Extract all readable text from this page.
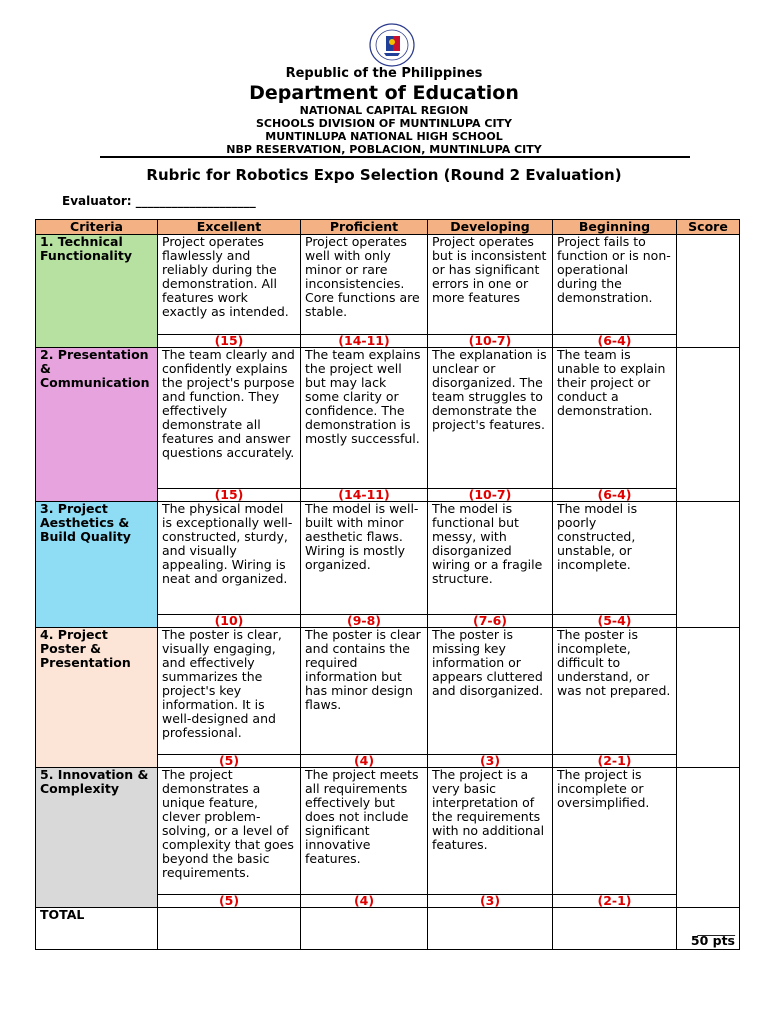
Republic of the Philippines
Department of Education
NATIONAL CAPITAL REGION
SCHOOLS DIVISION OF MUNTINLUPA CITY
MUNTINLUPA NATIONAL HIGH SCHOOL
NBP RESERVATION, POBLACION, MUNTINLUPA CITY
Rubric for Robotics Expo Selection (Round 2 Evaluation)
Evaluator: ____________________
Criteria	Excellent	Proficient	Developing	Beginning	Score
1. Technical Functionality	Project operates flawlessly and reliably during the demonstration. All features work exactly as intended.	Project operates well with only minor or rare inconsistencies. Core functions are stable.	Project operates but is inconsistent or has significant errors in one or more features	Project fails to function or is non-operational during the demonstration.	
	(15)	(14-11)	(10-7)	(6-4)	
2. Presentation & Communication	The team clearly and confidently explains the project's purpose and function. They effectively demonstrate all features and answer questions accurately.	The team explains the project well but may lack some clarity or confidence. The demonstration is mostly successful.	The explanation is unclear or disorganized. The team struggles to demonstrate the project's features.	The team is unable to explain their project or conduct a demonstration.	
	(15)	(14-11)	(10-7)	(6-4)	
3. Project Aesthetics & Build Quality	The physical model is exceptionally well-constructed, sturdy, and visually appealing. Wiring is neat and organized.	The model is well-built with minor aesthetic flaws. Wiring is mostly organized.	The model is functional but messy, with disorganized wiring or a fragile structure.	The model is poorly constructed, unstable, or incomplete.	
	(10)	(9-8)	(7-6)	(5-4)	
4. Project Poster & Presentation	The poster is clear, visually engaging, and effectively summarizes the project's key information. It is well-designed and professional.	The poster is clear and contains the required information but has minor design flaws.	The poster is missing key information or appears cluttered and disorganized.	The poster is incomplete, difficult to understand, or was not prepared.	
	(5)	(4)	(3)	(2-1)	
5. Innovation & Complexity	The project demonstrates a unique feature, clever problem-solving, or a level of complexity that goes beyond the basic requirements.	The project meets all requirements effectively but does not include significant innovative features.	The project is a very basic interpretation of the requirements with no additional features.	The project is incomplete or oversimplified.	
	(5)	(4)	(3)	(2-1)	
TOTAL					______
50 pts
